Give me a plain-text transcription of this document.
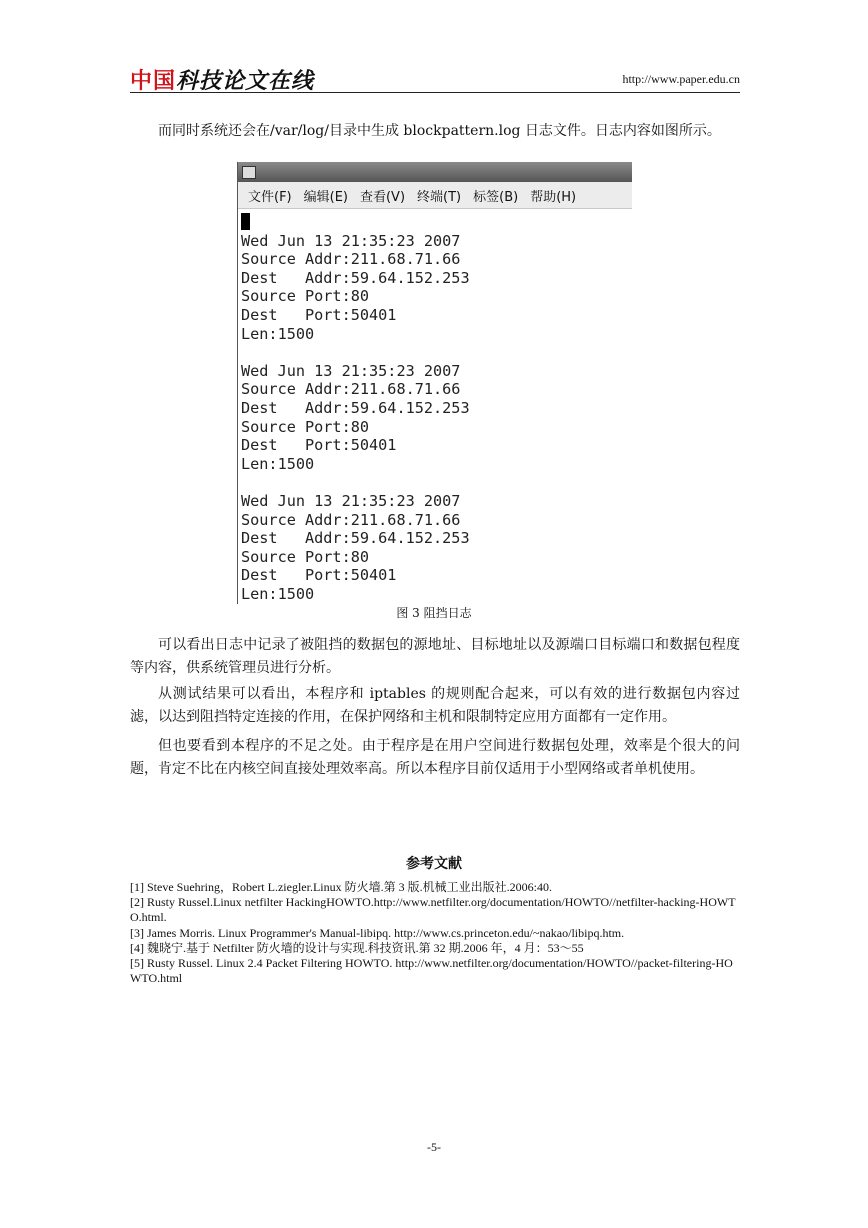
中国科技论文在线	http://www.paper.edu.cn

而同时系统还会在/var/log/目录中生成 blockpattern.log 日志文件。日志内容如图所示。

文件(F) 编辑(E) 查看(V) 终端(T) 标签(B) 帮助(H)

Wed Jun 13 21:35:23 2007
Source Addr:211.68.71.66
Dest   Addr:59.64.152.253
Source Port:80
Dest   Port:50401
Len:1500
Wed Jun 13 21:35:23 2007
Source Addr:211.68.71.66
Dest   Addr:59.64.152.253
Source Port:80
Dest   Port:50401
Len:1500
Wed Jun 13 21:35:23 2007
Source Addr:211.68.71.66
Dest   Addr:59.64.152.253
Source Port:80
Dest   Port:50401
Len:1500
图 3 阻挡日志

可以看出日志中记录了被阻挡的数据包的源地址、目标地址以及源端口目标端口和数据包程度等内容，供系统管理员进行分析。

从测试结果可以看出，本程序和 iptables 的规则配合起来，可以有效的进行数据包内容过滤，以达到阻挡特定连接的作用，在保护网络和主机和限制特定应用方面都有一定作用。

但也要看到本程序的不足之处。由于程序是在用户空间进行数据包处理，效率是个很大的问题，肯定不比在内核空间直接处理效率高。所以本程序目前仅适用于小型网络或者单机使用。

参考文献
[1] Steve Suehring，Robert L.ziegler.Linux 防火墙.第 3 版.机械工业出版社.2006:40.
[2] Rusty Russel.Linux netfilter HackingHOWTO.http://www.netfilter.org/documentation/HOWTO//netfilter-hacking-HOWTO.html.
[3] James Morris. Linux Programmer's Manual-libipq. http://www.cs.princeton.edu/~nakao/libipq.htm.
[4] 魏晓宁.基于 Netfilter 防火墙的设计与实现.科技资讯.第 32 期.2006 年，4 月：53～55
[5] Rusty Russel. Linux 2.4 Packet Filtering HOWTO. http://www.netfilter.org/documentation/HOWTO//packet-filtering-HOWTO.html
-5-
